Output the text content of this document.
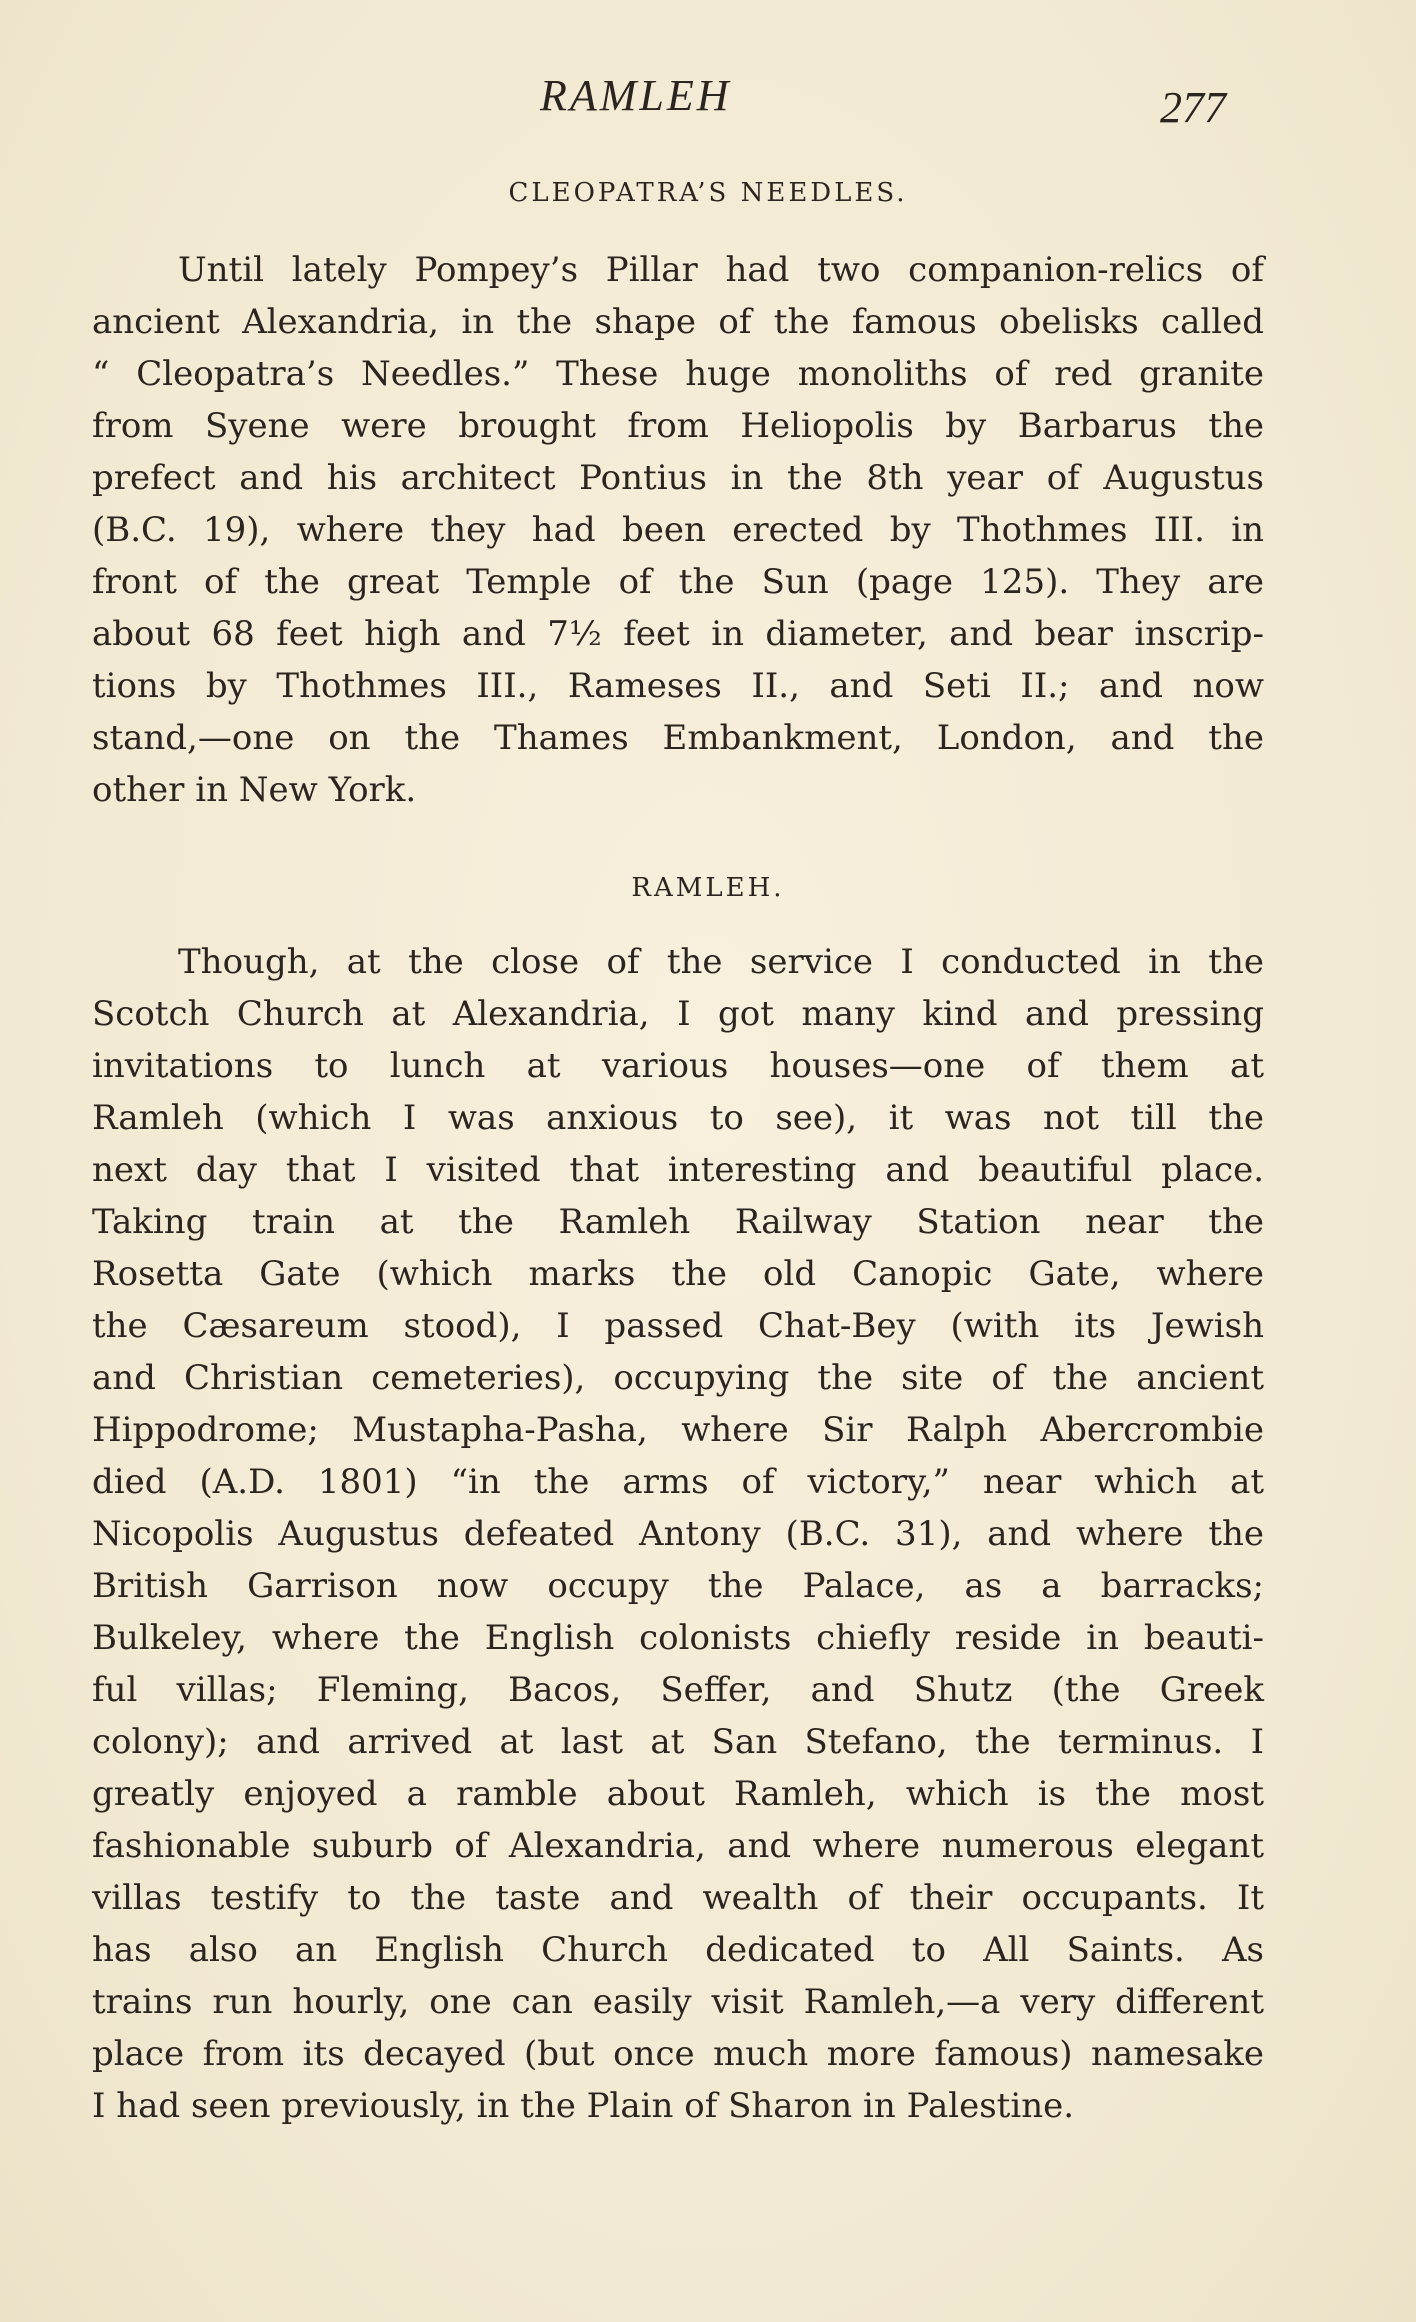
RAMLEH	277
CLEOPATRA’S NEEDLES.
Until lately Pompey’s Pillar had two companion-relics of
ancient Alexandria, in the shape of the famous obelisks called
“ Cleopatra’s Needles.” These huge monoliths of red granite
from Syene were brought from Heliopolis by Barbarus the
prefect and his architect Pontius in the 8th year of Augustus
(B.C. 19), where they had been erected by Thothmes III. in
front of the great Temple of the Sun (page 125). They are
about 68 feet high and 7½ feet in diameter, and bear inscrip-
tions by Thothmes III., Rameses II., and Seti II.; and now
stand,—one on the Thames Embankment, London, and the
other in New York.
RAMLEH.
Though, at the close of the service I conducted in the
Scotch Church at Alexandria, I got many kind and pressing
invitations to lunch at various houses—one of them at
Ramleh (which I was anxious to see), it was not till the
next day that I visited that interesting and beautiful place.
Taking train at the Ramleh Railway Station near the
Rosetta Gate (which marks the old Canopic Gate, where
the Cæsareum stood), I passed Chat-Bey (with its Jewish
and Christian cemeteries), occupying the site of the ancient
Hippodrome; Mustapha-Pasha, where Sir Ralph Abercrombie
died (A.D. 1801) “in the arms of victory,” near which at
Nicopolis Augustus defeated Antony (B.C. 31), and where the
British Garrison now occupy the Palace, as a barracks;
Bulkeley, where the English colonists chiefly reside in beauti-
ful villas; Fleming, Bacos, Seffer, and Shutz (the Greek
colony); and arrived at last at San Stefano, the terminus. I
greatly enjoyed a ramble about Ramleh, which is the most
fashionable suburb of Alexandria, and where numerous elegant
villas testify to the taste and wealth of their occupants. It
has also an English Church dedicated to All Saints. As
trains run hourly, one can easily visit Ramleh,—a very different
place from its decayed (but once much more famous) namesake
I had seen previously, in the Plain of Sharon in Palestine.
